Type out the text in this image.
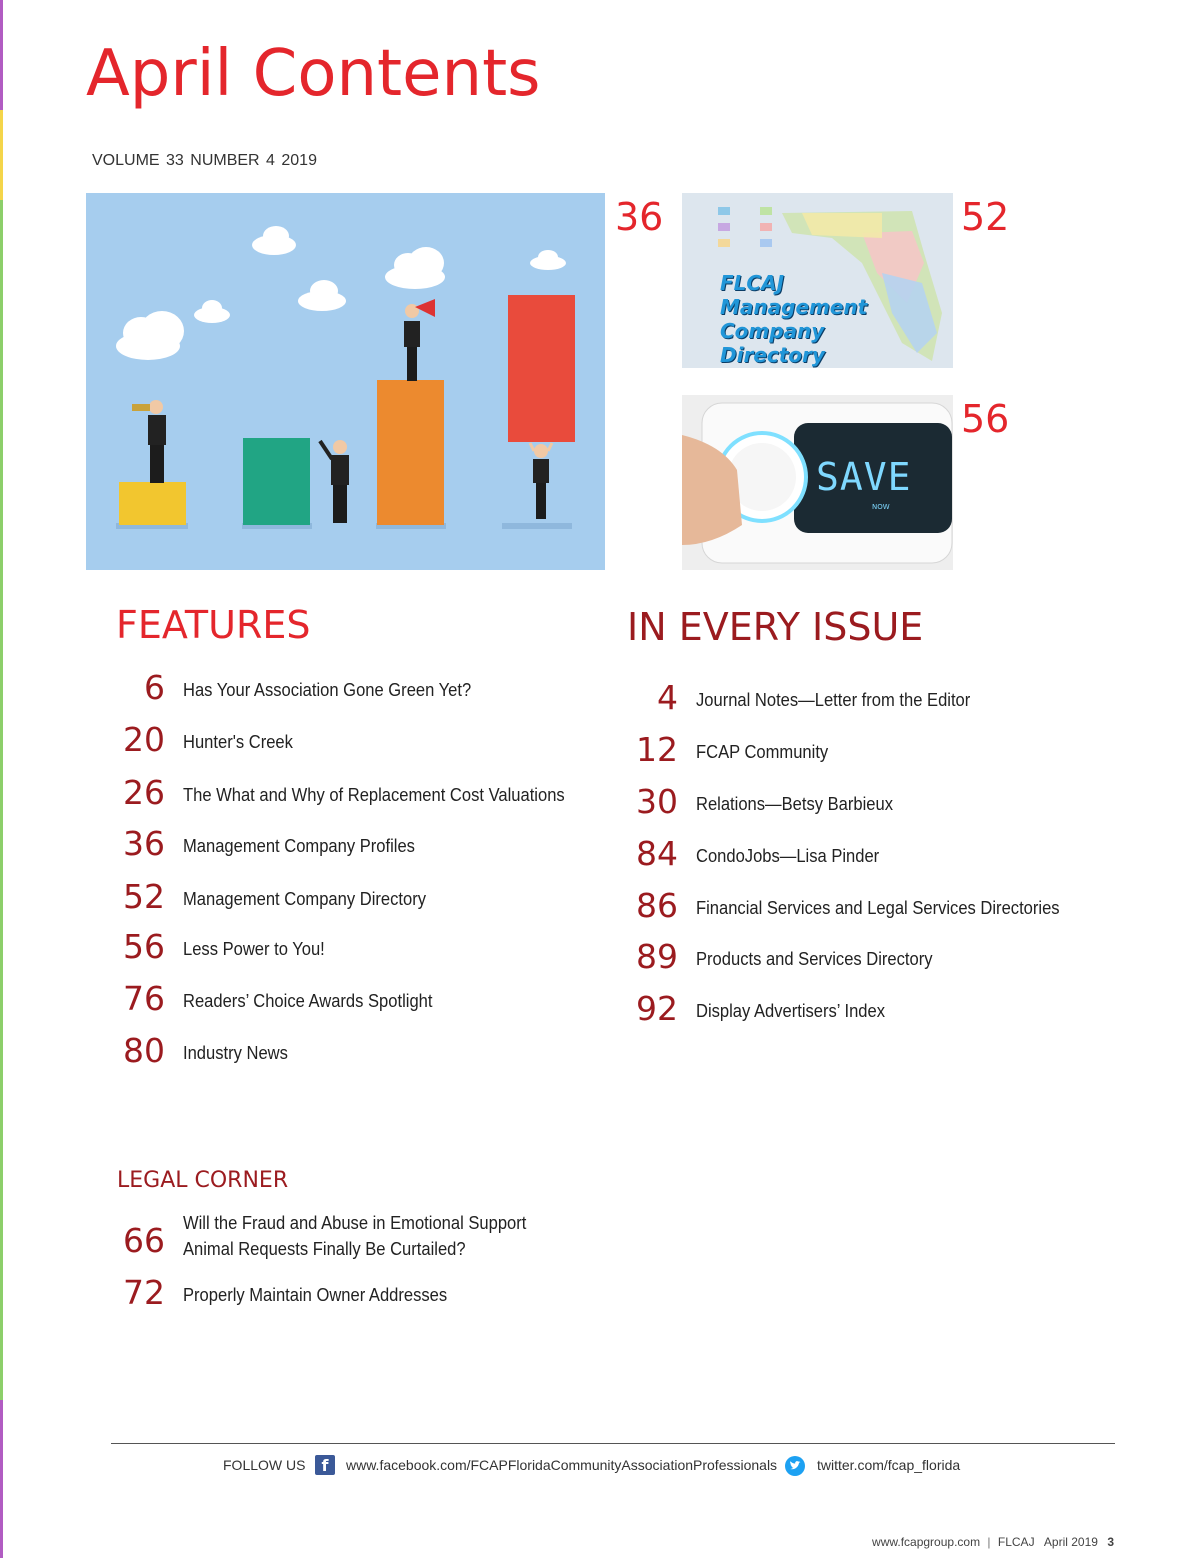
April Contents
VOLUME 33 NUMBER 4 2019
36
FLCAJ
Management
Company
Directory
52
SAVE
NOW
56
FEATURES
6 Has Your Association Gone Green Yet?
20 Hunter's Creek
26 The What and Why of Replacement Cost Valuations
36 Management Company Profiles
52 Management Company Directory
56 Less Power to You!
76 Readers’ Choice Awards Spotlight
80 Industry News
IN EVERY ISSUE
4 Journal Notes—Letter from the Editor
12 FCAP Community
30 Relations—Betsy Barbieux
84 CondoJobs—Lisa Pinder
86 Financial Services and Legal Services Directories
89 Products and Services Directory
92 Display Advertisers’ Index
LEGAL CORNER
66 Will the Fraud and Abuse in Emotional Support
Animal Requests Finally Be Curtailed?
72 Properly Maintain Owner Addresses
FOLLOW US	f	www.facebook.com/FCAPFloridaCommunityAssociationProfessionals	twitter.com/fcap_florida
www.fcapgroup.com | FLCAJ April 2019 3
